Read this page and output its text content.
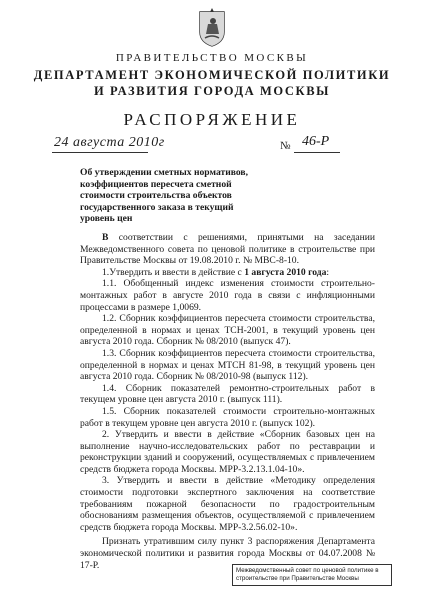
ПРАВИТЕЛЬСТВО МОСКВЫ
ДЕПАРТАМЕНТ ЭКОНОМИЧЕСКОЙ ПОЛИТИКИ
И РАЗВИТИЯ ГОРОДА МОСКВЫ
РАСПОРЯЖЕНИЕ
24 августа 2010г	№ 46-Р
Об утверждении сметных нормативов, коэффициентов пересчета сметной стоимости строительства объектов государственного заказа в текущий уровень цен

В соответствии с решениями, принятыми на заседании Межведомственного совета по ценовой политике в строительстве при Правительстве Москвы от 19.08.2010 г. № МВС-8-10.

1.Утвердить и ввести в действие с 1 августа 2010 года:

1.1. Обобщенный индекс изменения стоимости строительно-монтажных работ в августе 2010 года в связи с инфляционными процессами в размере 1,0069.

1.2. Сборник коэффициентов пересчета стоимости строительства, определенной в нормах и ценах ТСН-2001, в текущий уровень цен августа 2010 года. Сборник № 08/2010 (выпуск 47).

1.3. Сборник коэффициентов пересчета стоимости строительства, определенной в нормах и ценах МТСН 81-98, в текущий уровень цен августа 2010 года. Сборник № 08/2010-98 (выпуск 112).

1.4. Сборник показателей ремонтно-строительных работ в текущем уровне цен августа 2010 г. (выпуск 111).

1.5. Сборник показателей стоимости строительно-монтажных работ в текущем уровне цен августа 2010 г. (выпуск 102).

2. Утвердить и ввести в действие «Сборник базовых цен на выполнение научно-исследовательских работ по реставрации и реконструкции зданий и сооружений, осуществляемых с привлечением средств бюджета города Москвы. МРР-3.2.13.1.04-10».

3. Утвердить и ввести в действие «Методику определения стоимости подготовки экспертного заключения на соответствие требованиям пожарной безопасности по градостроительным обоснованиям размещения объектов, осуществляемой с привлечением средств бюджета города Москвы. МРР-3.2.56.02-10».

Признать утратившим силу пункт 3 распоряжения Департамента экономической политики и развития города Москвы от 04.07.2008 № 17-Р.	Межведомственный совет по ценовой политике в строительстве при Правительстве Москвы
